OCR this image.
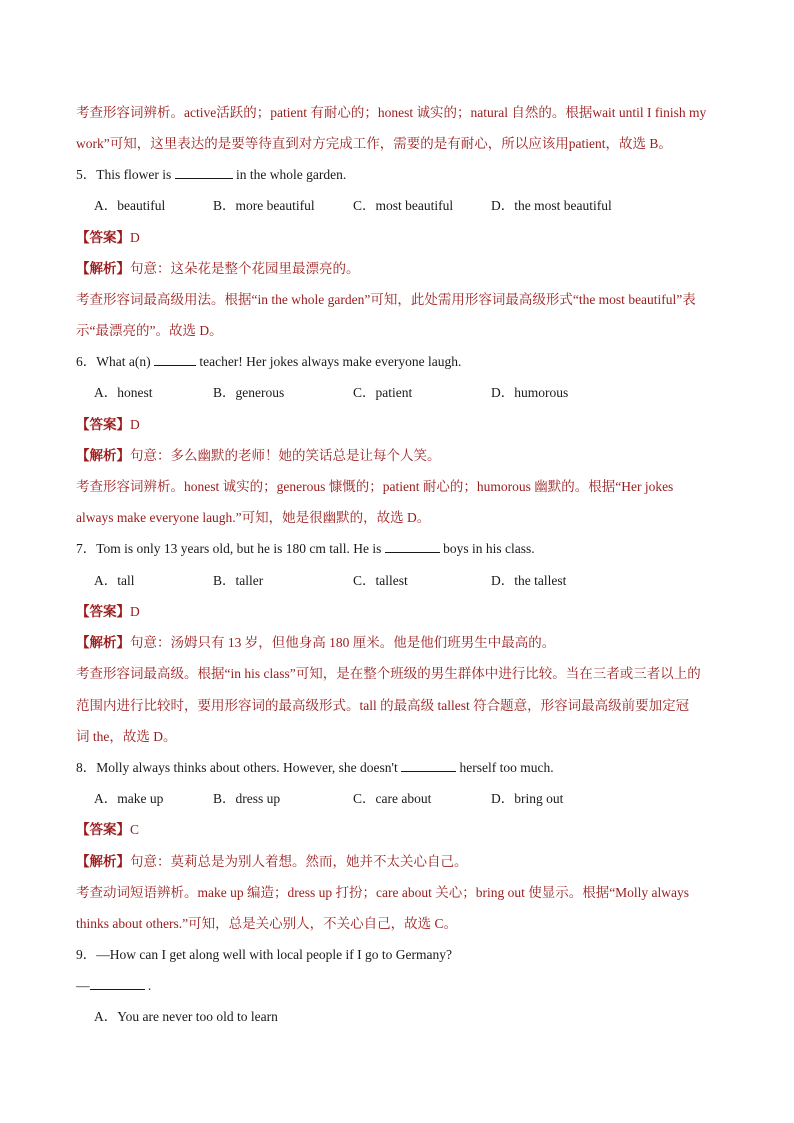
考查形容词辨析。active活跃的；patient 有耐心的；honest 诚实的；natural 自然的。根据wait until I finish my
work”可知，这里表达的是要等待直到对方完成工作，需要的是有耐心，所以应该用patient，故选 B。
5．This flower is	in the whole garden.
A．beautiful	B．more beautiful	C．most beautiful	D．the most beautiful
【答案】D
【解析】句意：这朵花是整个花园里最漂亮的。
考查形容词最高级用法。根据“in the whole garden”可知，此处需用形容词最高级形式“the most beautiful”表
示“最漂亮的”。故选 D。
6．What a(n)	teacher! Her jokes always make everyone laugh.
A．honest	B．generous	C．patient	D．humorous
【答案】D
【解析】句意：多么幽默的老师！她的笑话总是让每个人笑。
考查形容词辨析。honest 诚实的；generous 慷慨的；patient 耐心的；humorous 幽默的。根据“Her jokes
always make everyone laugh.”可知，她是很幽默的，故选 D。
7．Tom is only 13 years old, but he is 180 cm tall. He is	boys in his class.
A．tall	B．taller	C．tallest	D．the tallest
【答案】D
【解析】句意：汤姆只有 13 岁，但他身高 180 厘米。他是他们班男生中最高的。
考查形容词最高级。根据“in his class”可知，是在整个班级的男生群体中进行比较。当在三者或三者以上的
范围内进行比较时，要用形容词的最高级形式。tall 的最高级 tallest 符合题意，形容词最高级前要加定冠
词 the，故选 D。
8．Molly always thinks about others. However, she doesn't	herself too much.
A．make up	B．dress up	C．care about	D．bring out
【答案】C
【解析】句意：莫莉总是为别人着想。然而，她并不太关心自己。
考查动词短语辨析。make up 编造；dress up 打扮；care about 关心；bring out 使显示。根据“Molly always
thinks about others.”可知，总是关心别人，不关心自己，故选 C。
9．—How can I get along well with local people if I go to Germany?
—	.
A．You are never too old to learn
